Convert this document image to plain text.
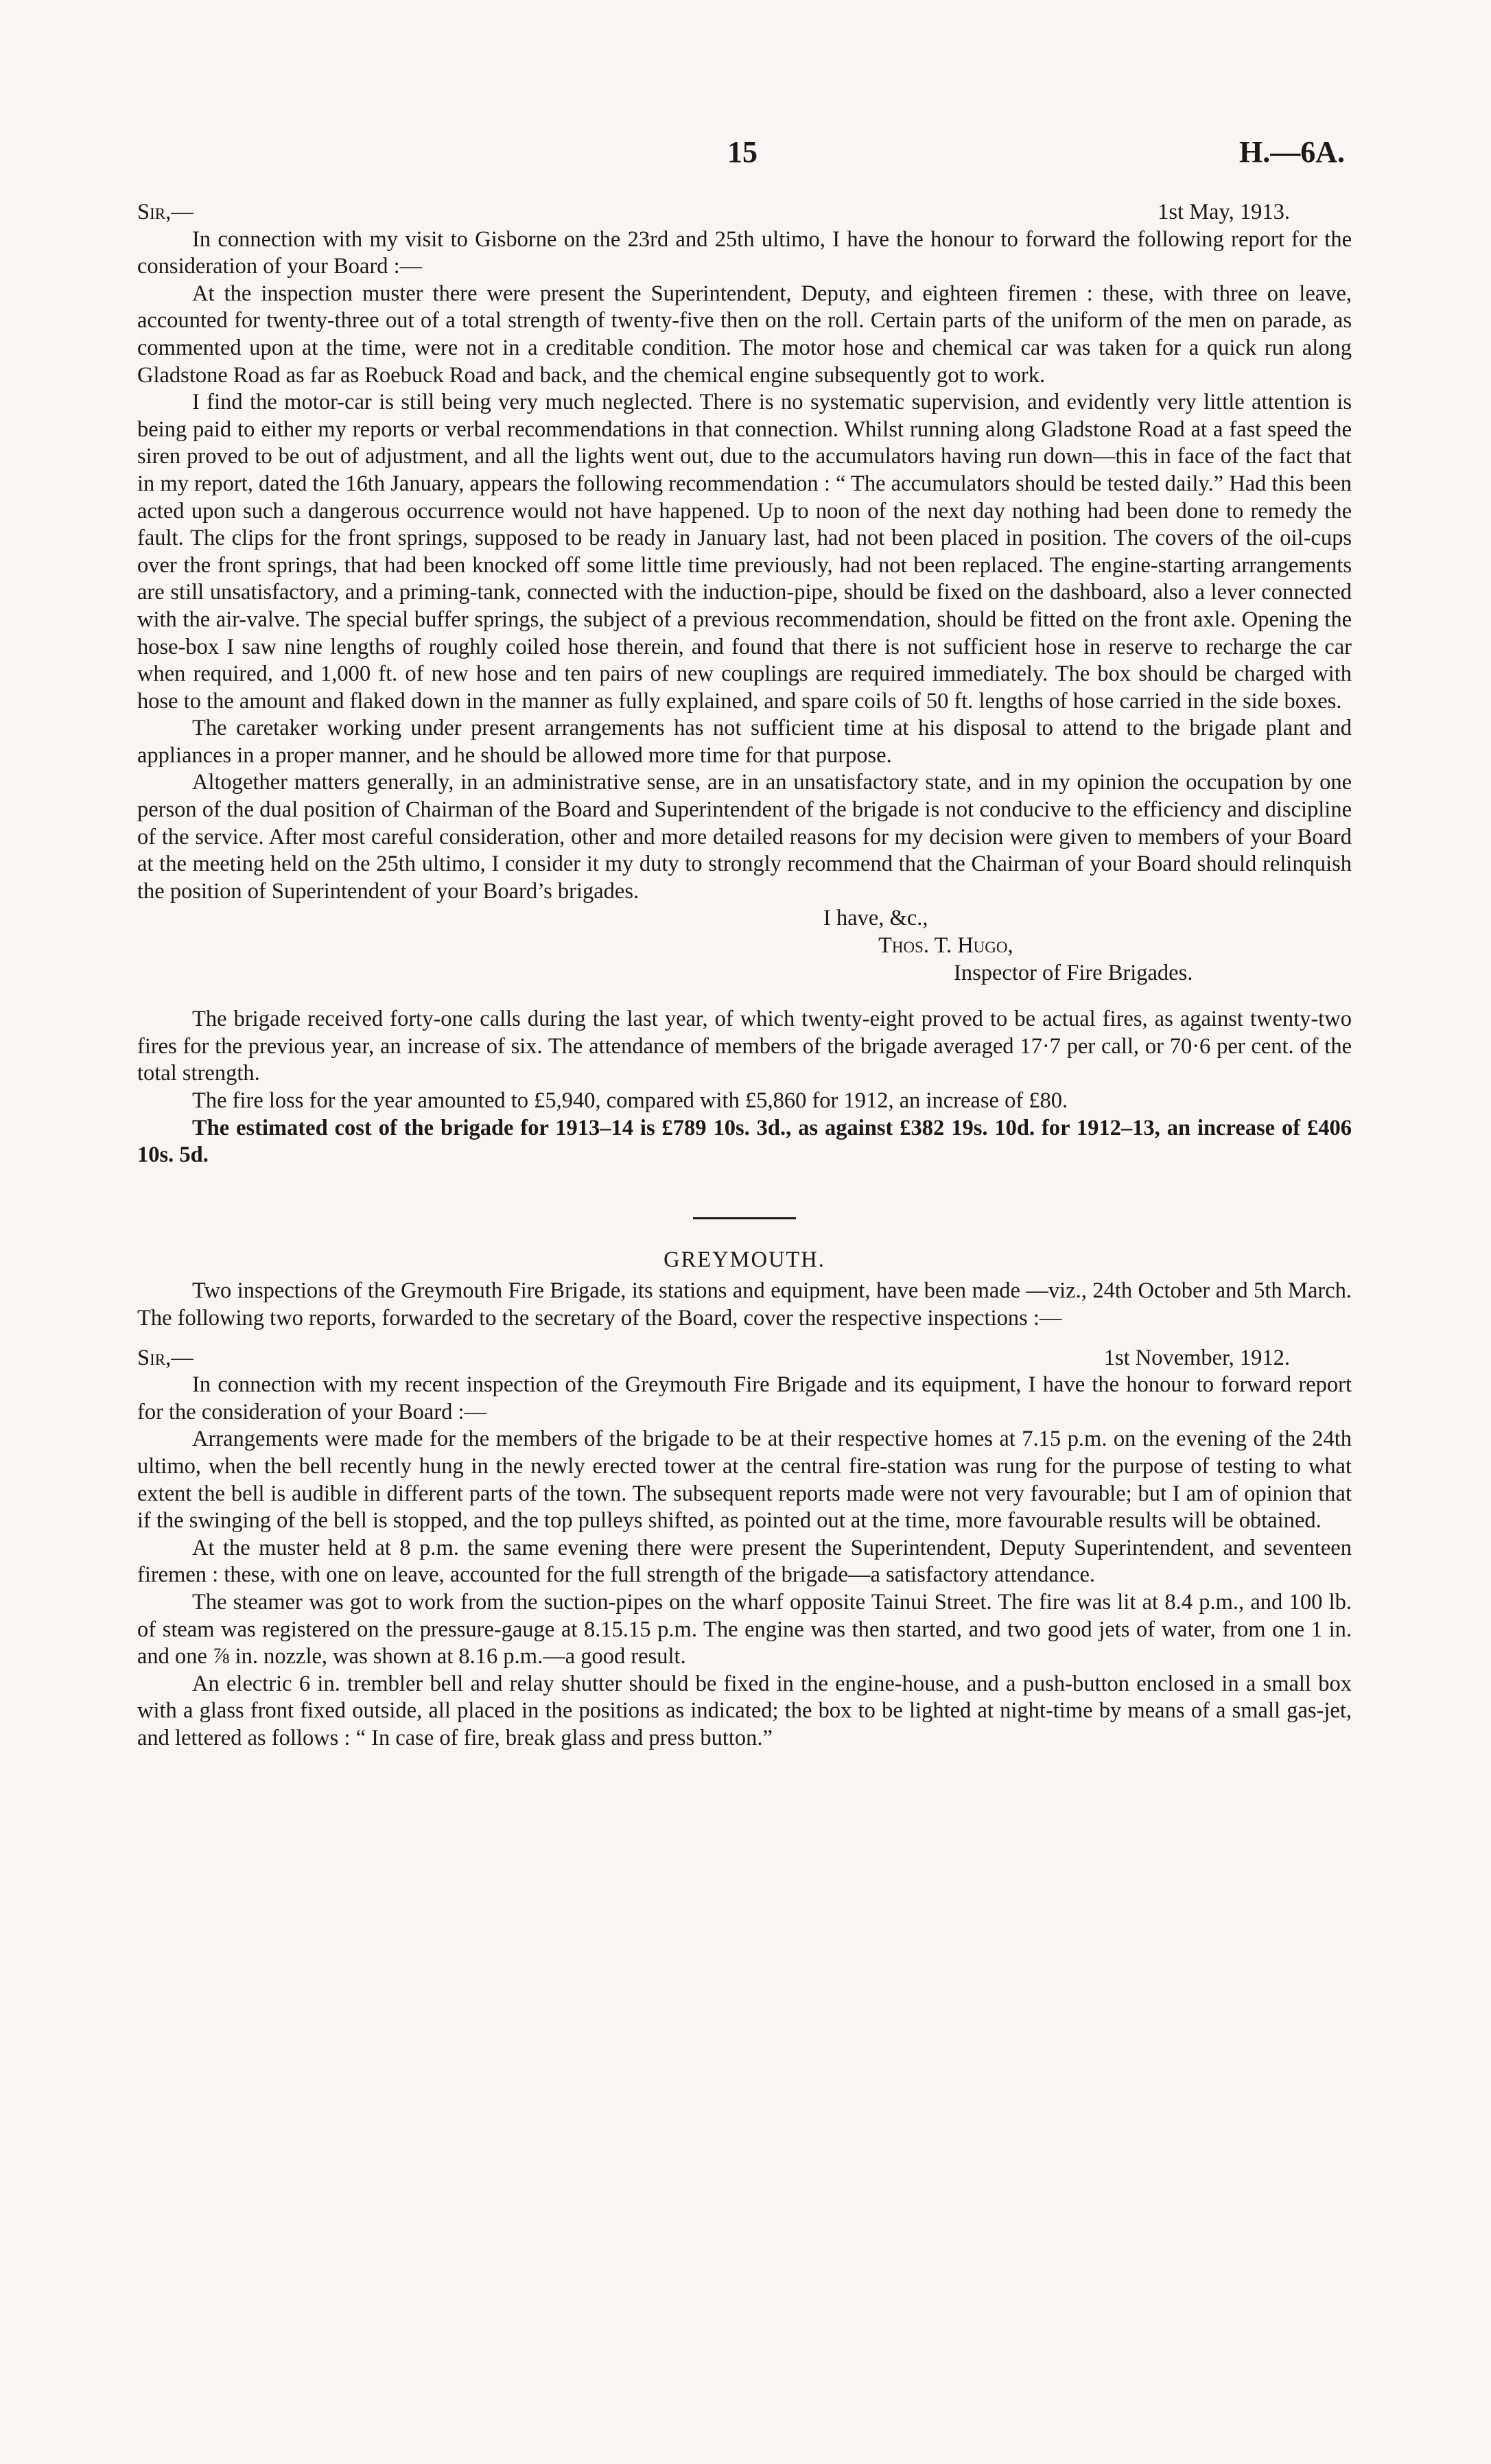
15	H.—6A.
Sir,—	1st May, 1913.

In connection with my visit to Gisborne on the 23rd and 25th ultimo, I have the honour to forward the following report for the consideration of your Board :—

At the inspection muster there were present the Superintendent, Deputy, and eighteen firemen : these, with three on leave, accounted for twenty-three out of a total strength of twenty-five then on the roll. Certain parts of the uniform of the men on parade, as commented upon at the time, were not in a creditable condition. The motor hose and chemical car was taken for a quick run along Gladstone Road as far as Roebuck Road and back, and the chemical engine subsequently got to work.

I find the motor-car is still being very much neglected. There is no systematic supervision, and evidently very little attention is being paid to either my reports or verbal recommendations in that connection. Whilst running along Gladstone Road at a fast speed the siren proved to be out of adjustment, and all the lights went out, due to the accumulators having run down—this in face of the fact that in my report, dated the 16th January, appears the following recommendation : “ The accumulators should be tested daily.” Had this been acted upon such a dangerous occurrence would not have happened. Up to noon of the next day nothing had been done to remedy the fault. The clips for the front springs, supposed to be ready in January last, had not been placed in position. The covers of the oil-cups over the front springs, that had been knocked off some little time previously, had not been replaced. The engine-starting arrangements are still unsatisfactory, and a priming-tank, connected with the induction-pipe, should be fixed on the dashboard, also a lever connected with the air-valve. The special buffer springs, the subject of a previous recommendation, should be fitted on the front axle. Opening the hose-box I saw nine lengths of roughly coiled hose therein, and found that there is not sufficient hose in reserve to recharge the car when required, and 1,000 ft. of new hose and ten pairs of new couplings are required immediately. The box should be charged with hose to the amount and flaked down in the manner as fully explained, and spare coils of 50 ft. lengths of hose carried in the side boxes.

The caretaker working under present arrangements has not sufficient time at his disposal to attend to the brigade plant and appliances in a proper manner, and he should be allowed more time for that purpose.

Altogether matters generally, in an administrative sense, are in an unsatisfactory state, and in my opinion the occupation by one person of the dual position of Chairman of the Board and Superintendent of the brigade is not conducive to the efficiency and discipline of the service. After most careful consideration, other and more detailed reasons for my decision were given to members of your Board at the meeting held on the 25th ultimo, I consider it my duty to strongly recommend that the Chairman of your Board should relinquish the position of Superintendent of your Board’s brigades.

I have, &c.,
Thos. T. Hugo,
Inspector of Fire Brigades.

The brigade received forty-one calls during the last year, of which twenty-eight proved to be actual fires, as against twenty-two fires for the previous year, an increase of six. The attendance of members of the brigade averaged 17·7 per call, or 70·6 per cent. of the total strength.

The fire loss for the year amounted to £5,940, compared with £5,860 for 1912, an increase of £80.

The estimated cost of the brigade for 1913–14 is £789 10s. 3d., as against £382 19s. 10d. for 1912–13, an increase of £406 10s. 5d.

GREYMOUTH.

Two inspections of the Greymouth Fire Brigade, its stations and equipment, have been made —viz., 24th October and 5th March. The following two reports, forwarded to the secretary of the Board, cover the respective inspections :—

Sir,—	1st November, 1912.

In connection with my recent inspection of the Greymouth Fire Brigade and its equipment, I have the honour to forward report for the consideration of your Board :—

Arrangements were made for the members of the brigade to be at their respective homes at 7.15 p.m. on the evening of the 24th ultimo, when the bell recently hung in the newly erected tower at the central fire-station was rung for the purpose of testing to what extent the bell is audible in different parts of the town. The subsequent reports made were not very favourable; but I am of opinion that if the swinging of the bell is stopped, and the top pulleys shifted, as pointed out at the time, more favourable results will be obtained.

At the muster held at 8 p.m. the same evening there were present the Superintendent, Deputy Superintendent, and seventeen firemen : these, with one on leave, accounted for the full strength of the brigade—a satisfactory attendance.

The steamer was got to work from the suction-pipes on the wharf opposite Tainui Street. The fire was lit at 8.4 p.m., and 100 lb. of steam was registered on the pressure-gauge at 8.15.15 p.m. The engine was then started, and two good jets of water, from one 1 in. and one ⅞ in. nozzle, was shown at 8.16 p.m.—a good result.

An electric 6 in. trembler bell and relay shutter should be fixed in the engine-house, and a push-button enclosed in a small box with a glass front fixed outside, all placed in the positions as indicated; the box to be lighted at night-time by means of a small gas-jet, and lettered as follows : “ In case of fire, break glass and press button.”
